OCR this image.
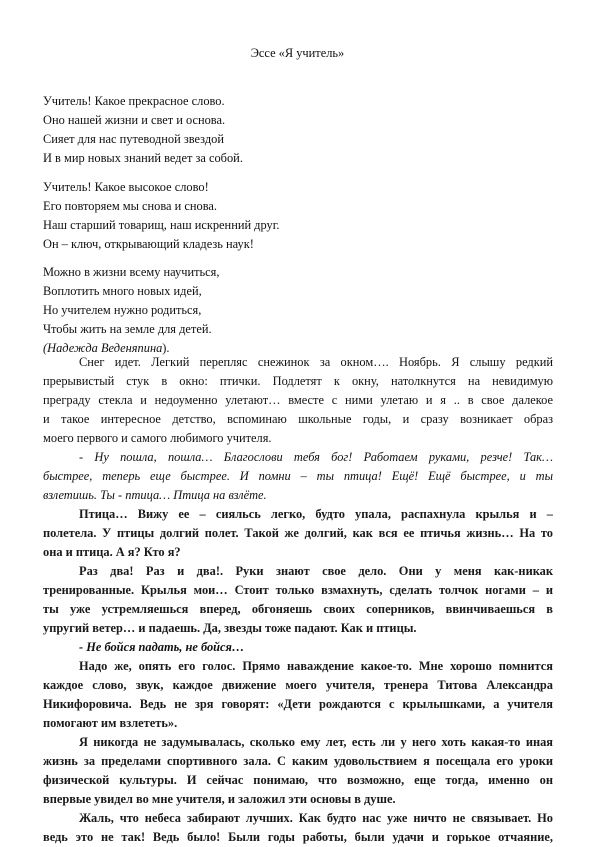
Эссе «Я учитель»
Учитель! Какое прекрасное слово.
Оно нашей жизни и свет и основа.
Сияет для нас путеводной звездой
И в мир новых знаний ведет за собой.
Учитель! Какое высокое слово!
Его повторяем мы снова и снова.
Наш старший товарищ, наш искренний друг.
Он – ключ, открывающий кладезь наук!
Можно в жизни всему научиться,
Воплотить много новых идей,
Но учителем нужно родиться,
Чтобы жить на земле для детей.
(Надежда Веденяпина).
Снег идет. Легкий перепляс снежинок за окном…. Ноябрь. Я слышу редкий
прерывистый стук в окно: птички. Подлетят к окну, натолкнутся на невидимую
преграду стекла и недоуменно улетают… вместе с ними улетаю и я .. в свое далекое
и такое интересное детство, вспоминаю школьные годы, и сразу возникает образ
моего первого и самого любимого учителя.
- Ну пошла, пошла… Благослови тебя бог! Работаем руками, резче! Так…
быстрее, теперь еще быстрее. И помни – ты птица! Ещё! Ещё быстрее, и ты
взлетишь. Ты - птица… Птица на взлёте.
Птица… Вижу ее – сияльсь легко, будто упала, распахнула крылья и –
полетела. У птицы долгий полет. Такой же долгий, как вся ее птичья жизнь… На то
она и птица. А я? Кто я?
Раз два! Раз и два!. Руки знают свое дело. Они у меня как-никак
тренированные. Крылья мои… Стоит только взмахнуть, сделать толчок ногами – и
ты уже устремляешься вперед, обгоняешь своих соперников, ввинчиваешься в
упругий ветер… и падаешь. Да, звезды тоже падают. Как и птицы.
- Не бойся падать, не бойся…
Надо же, опять его голос. Прямо наваждение какое-то. Мне хорошо помнится
каждое слово, звук, каждое движение моего учителя, тренера Титова Александра
Никифоровича. Ведь не зря говорят: «Дети рождаются с крылышками, а учителя
помогают им взлететь».
Я никогда не задумывалась, сколько ему лет, есть ли у него хоть какая-то иная
жизнь за пределами спортивного зала. С каким удовольствием я посещала его уроки
физической культуры. И сейчас понимаю, что возможно, еще тогда, именно он
впервые увидел во мне учителя, и заложил эти основы в душе.
Жаль, что небеса забирают лучших. Как будто нас уже ничто не связывает. Но
ведь это не так! Ведь было! Были годы работы, были удачи и горькое отчаяние,
